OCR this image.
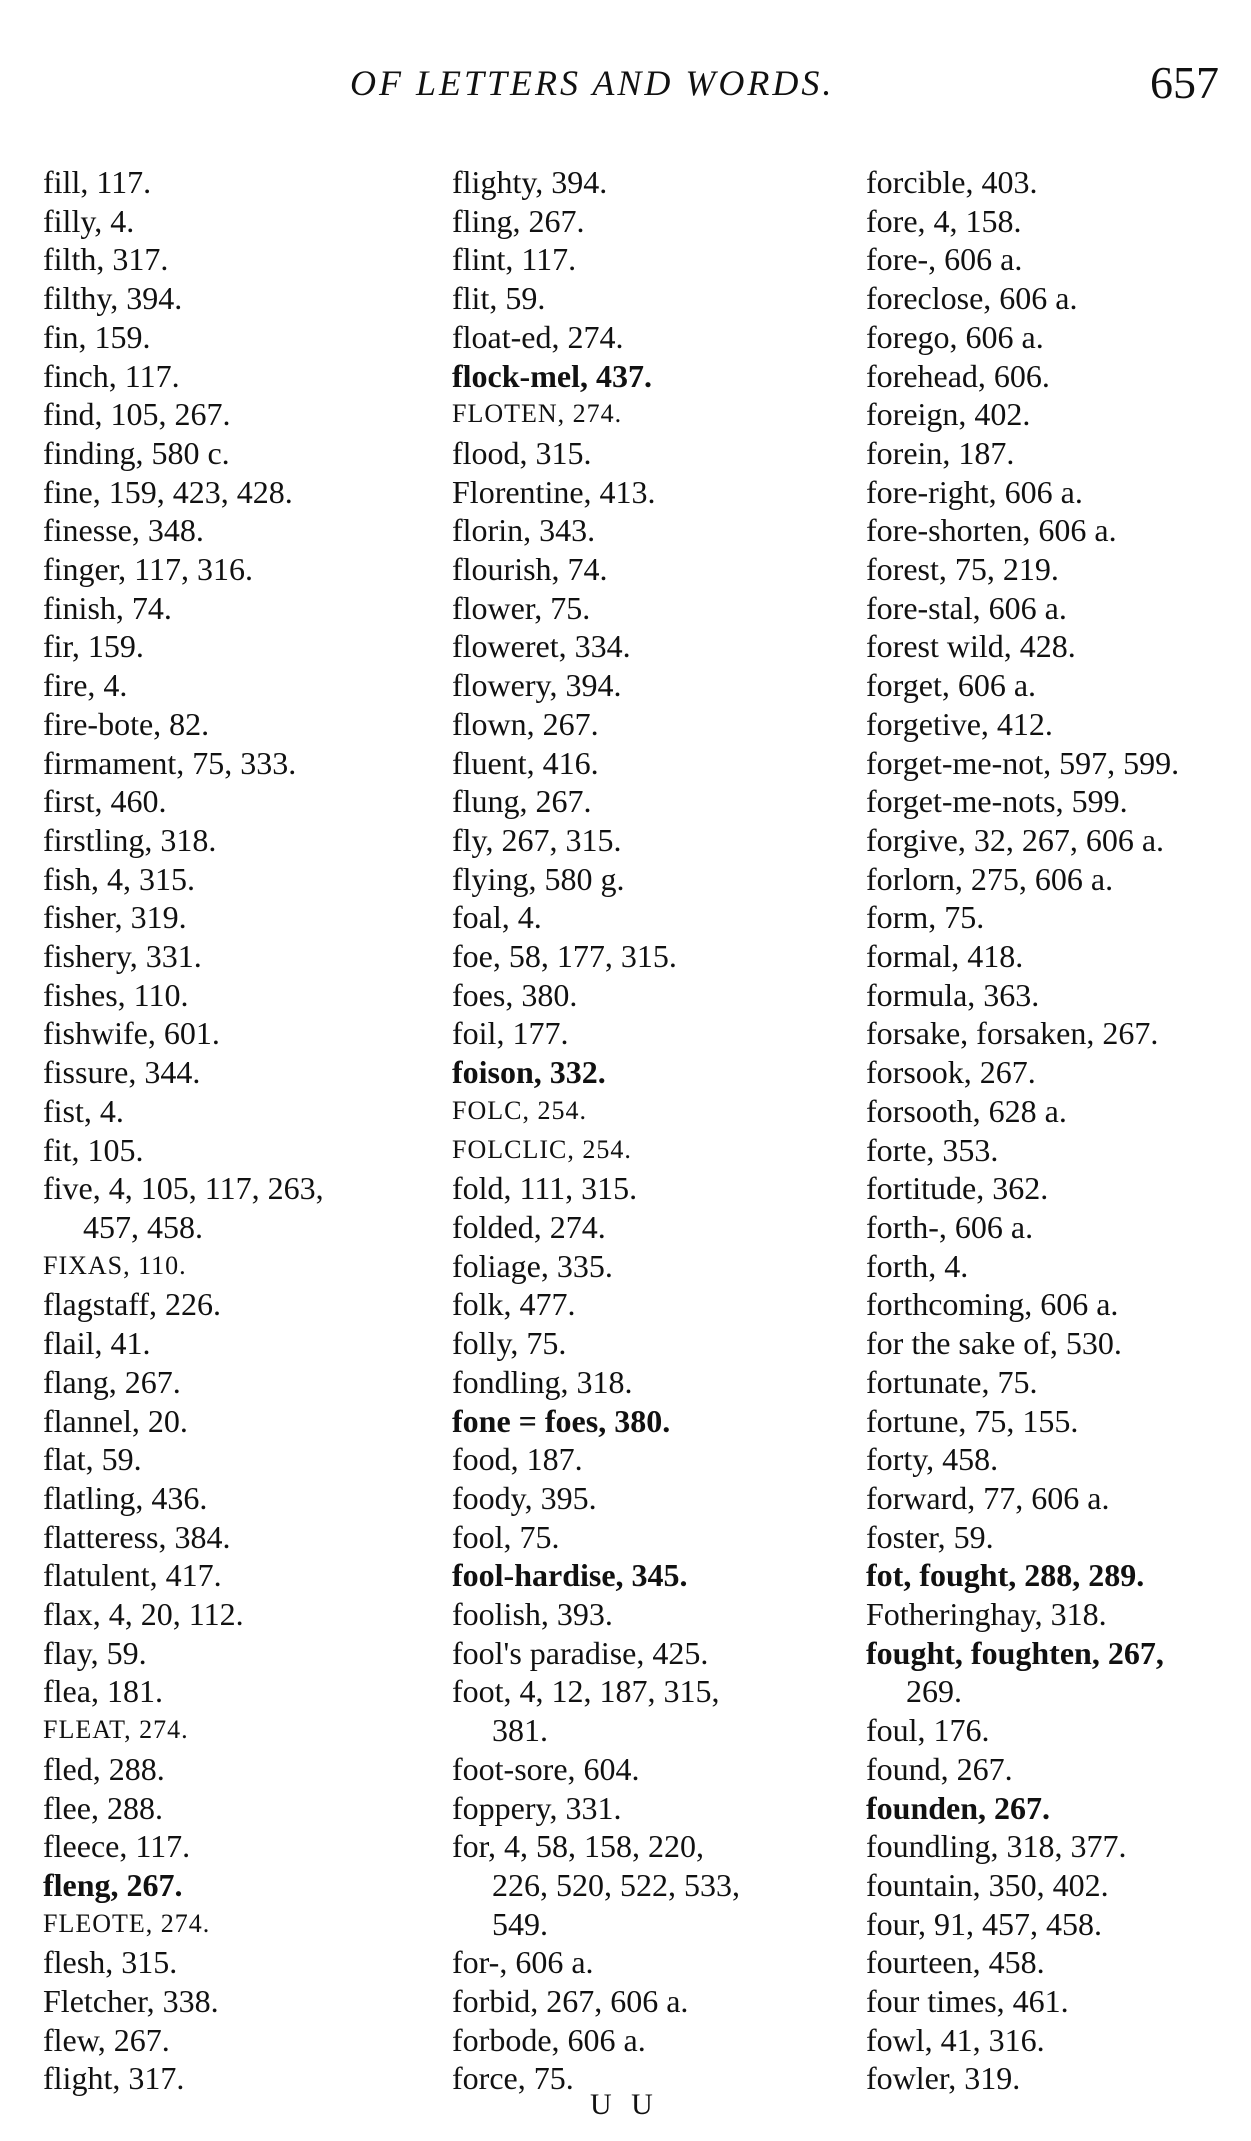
OF LETTERS AND WORDS.	657
fill, 117.
filly, 4.
filth, 317.
filthy, 394.
fin, 159.
finch, 117.
find, 105, 267.
finding, 580 c.
fine, 159, 423, 428.
finesse, 348.
finger, 117, 316.
finish, 74.
fir, 159.
fire, 4.
fire-bote, 82.
firmament, 75, 333.
first, 460.
firstling, 318.
fish, 4, 315.
fisher, 319.
fishery, 331.
fishes, 110.
fishwife, 601.
fissure, 344.
fist, 4.
fit, 105.
five, 4, 105, 117, 263,
457, 458.
FIXAS, 110.
flagstaff, 226.
flail, 41.
flang, 267.
flannel, 20.
flat, 59.
flatling, 436.
flatteress, 384.
flatulent, 417.
flax, 4, 20, 112.
flay, 59.
flea, 181.
FLEAT, 274.
fled, 288.
flee, 288.
fleece, 117.
fleng, 267.
FLEOTE, 274.
flesh, 315.
Fletcher, 338.
flew, 267.
flight, 317.
flighty, 394.
fling, 267.
flint, 117.
flit, 59.
float-ed, 274.
flock-mel, 437.
FLOTEN, 274.
flood, 315.
Florentine, 413.
florin, 343.
flourish, 74.
flower, 75.
floweret, 334.
flowery, 394.
flown, 267.
fluent, 416.
flung, 267.
fly, 267, 315.
flying, 580 g.
foal, 4.
foe, 58, 177, 315.
foes, 380.
foil, 177.
foison, 332.
FOLC, 254.
FOLCLIC, 254.
fold, 111, 315.
folded, 274.
foliage, 335.
folk, 477.
folly, 75.
fondling, 318.
fone = foes, 380.
food, 187.
foody, 395.
fool, 75.
fool-hardise, 345.
foolish, 393.
fool's paradise, 425.
foot, 4, 12, 187, 315,
381.
foot-sore, 604.
foppery, 331.
for, 4, 58, 158, 220,
226, 520, 522, 533,
549.
for-, 606 a.
forbid, 267, 606 a.
forbode, 606 a.
force, 75.
forcible, 403.
fore, 4, 158.
fore-, 606 a.
foreclose, 606 a.
forego, 606 a.
forehead, 606.
foreign, 402.
forein, 187.
fore-right, 606 a.
fore-shorten, 606 a.
forest, 75, 219.
fore-stal, 606 a.
forest wild, 428.
forget, 606 a.
forgetive, 412.
forget-me-not, 597, 599.
forget-me-nots, 599.
forgive, 32, 267, 606 a.
forlorn, 275, 606 a.
form, 75.
formal, 418.
formula, 363.
forsake, forsaken, 267.
forsook, 267.
forsooth, 628 a.
forte, 353.
fortitude, 362.
forth-, 606 a.
forth, 4.
forthcoming, 606 a.
for the sake of, 530.
fortunate, 75.
fortune, 75, 155.
forty, 458.
forward, 77, 606 a.
foster, 59.
fot, fought, 288, 289.
Fotheringhay, 318.
fought, foughten, 267,
269.
foul, 176.
found, 267.
founden, 267.
foundling, 318, 377.
fountain, 350, 402.
four, 91, 457, 458.
fourteen, 458.
four times, 461.
fowl, 41, 316.
fowler, 319.
U U
